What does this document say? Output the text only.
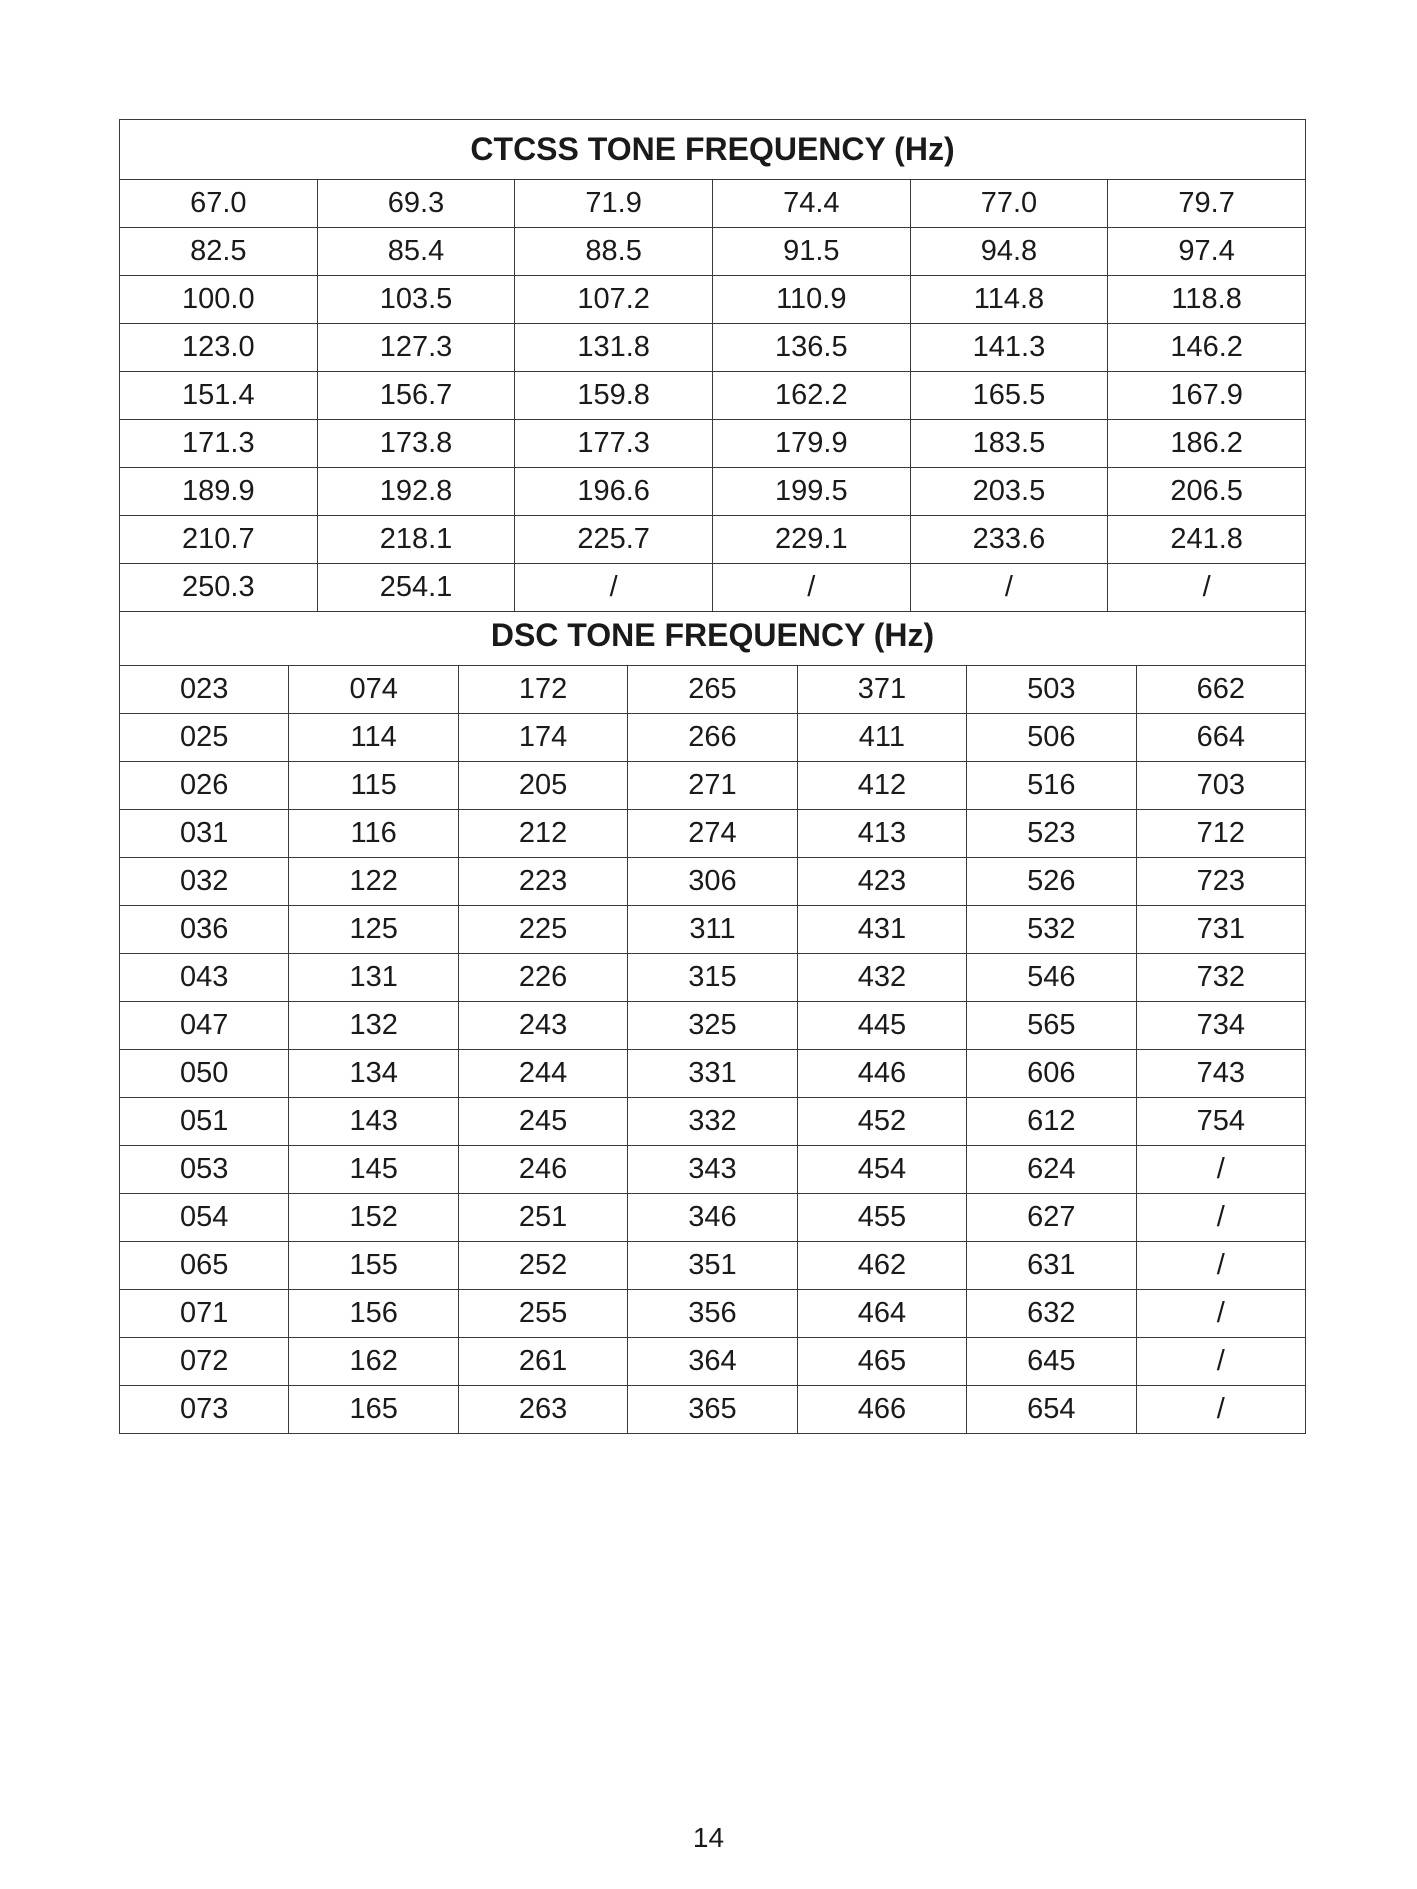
CTCSS TONE FREQUENCY (Hz)					
67.0	69.3	71.9	74.4	77.0	79.7
82.5	85.4	88.5	91.5	94.8	97.4
100.0	103.5	107.2	110.9	114.8	118.8
123.0	127.3	131.8	136.5	141.3	146.2
151.4	156.7	159.8	162.2	165.5	167.9
171.3	173.8	177.3	179.9	183.5	186.2
189.9	192.8	196.6	199.5	203.5	206.5
210.7	218.1	225.7	229.1	233.6	241.8
250.3	254.1	/	/	/	/
DSC TONE FREQUENCY (Hz)						
023	074	172	265	371	503	662
025	114	174	266	411	506	664
026	115	205	271	412	516	703
031	116	212	274	413	523	712
032	122	223	306	423	526	723
036	125	225	311	431	532	731
043	131	226	315	432	546	732
047	132	243	325	445	565	734
050	134	244	331	446	606	743
051	143	245	332	452	612	754
053	145	246	343	454	624	/
054	152	251	346	455	627	/
065	155	252	351	462	631	/
071	156	255	356	464	632	/
072	162	261	364	465	645	/
073	165	263	365	466	654	/
14
